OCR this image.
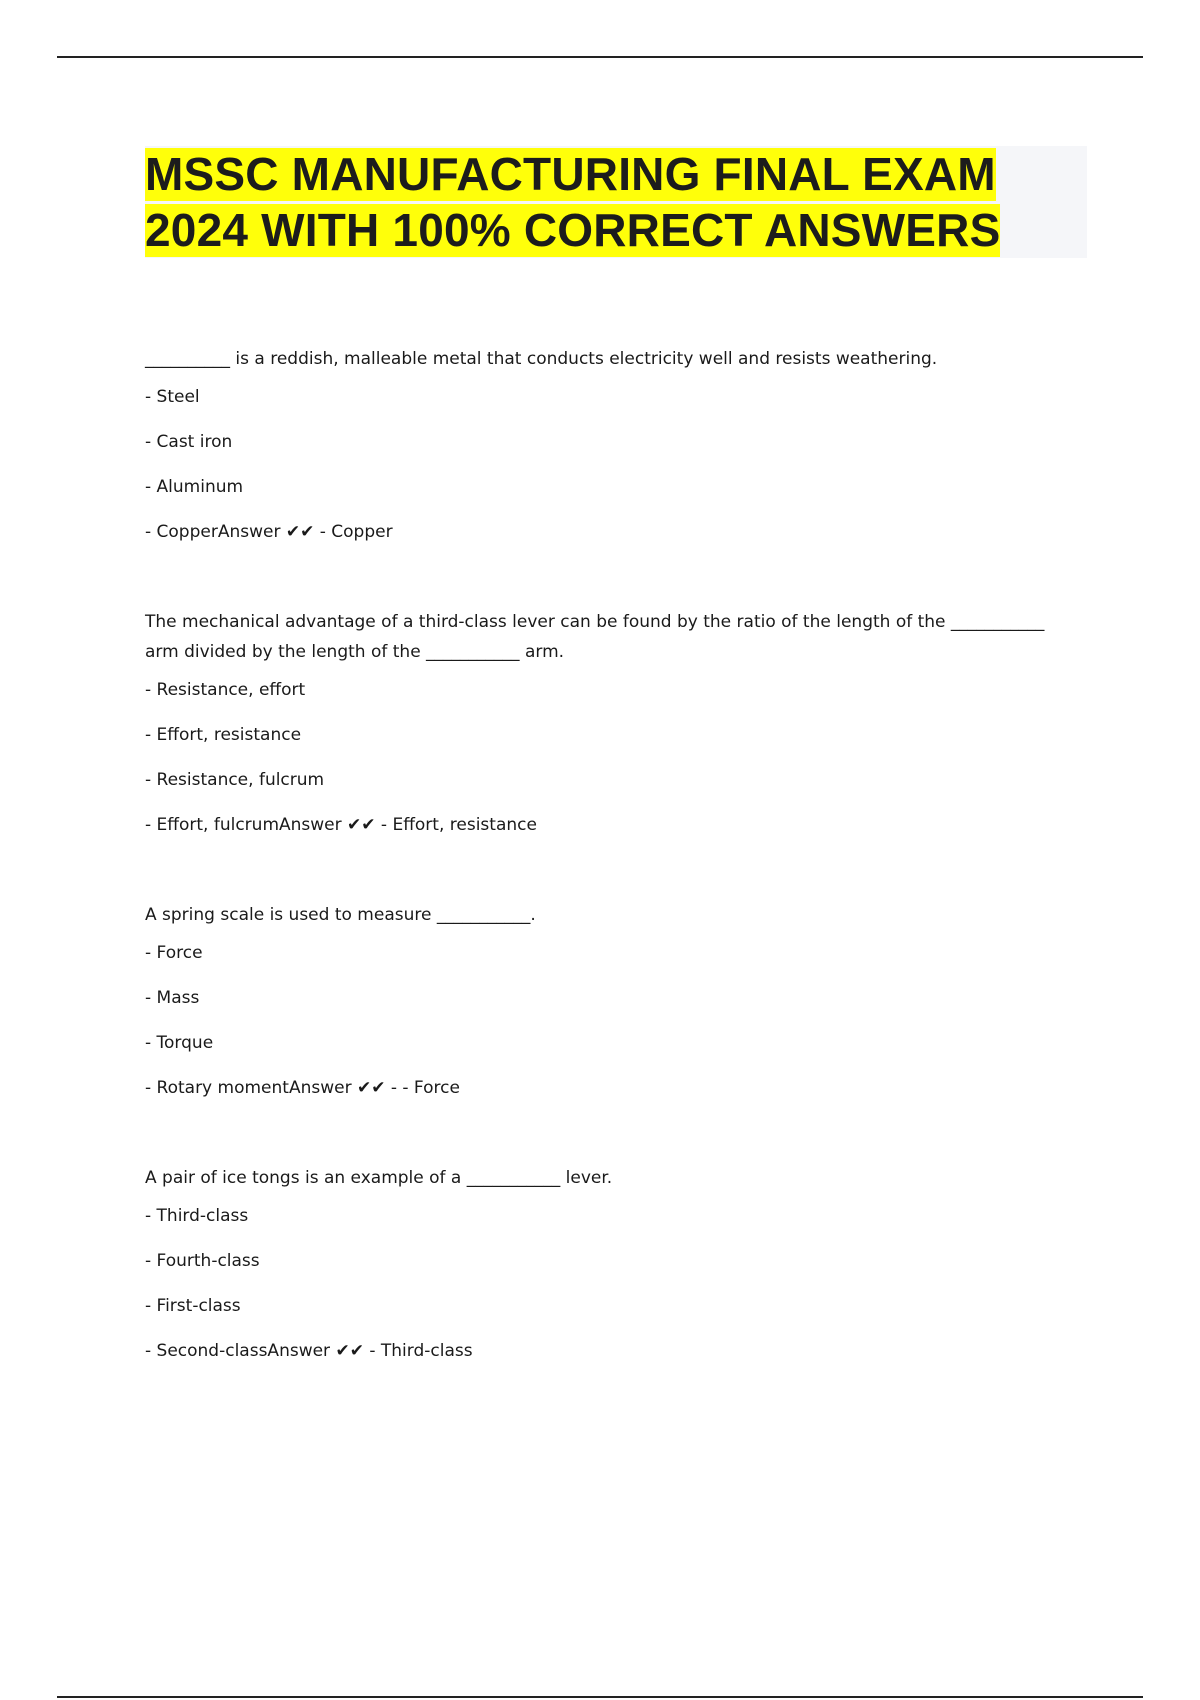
MSSC MANUFACTURING FINAL EXAM 2024 WITH 100% CORRECT ANSWERS

__________ is a reddish, malleable metal that conducts electricity well and resists weathering.

- Steel

- Cast iron

- Aluminum

- CopperAnswer ✔✔ - Copper

The mechanical advantage of a third-class lever can be found by the ratio of the length of the ___________ arm divided by the length of the ___________ arm.

- Resistance, effort

- Effort, resistance

- Resistance, fulcrum

- Effort, fulcrumAnswer ✔✔ - Effort, resistance

A spring scale is used to measure ___________.

- Force

- Mass

- Torque

- Rotary momentAnswer ✔✔ - - Force

A pair of ice tongs is an example of a ___________ lever.

- Third-class

- Fourth-class

- First-class

- Second-classAnswer ✔✔ - Third-class
